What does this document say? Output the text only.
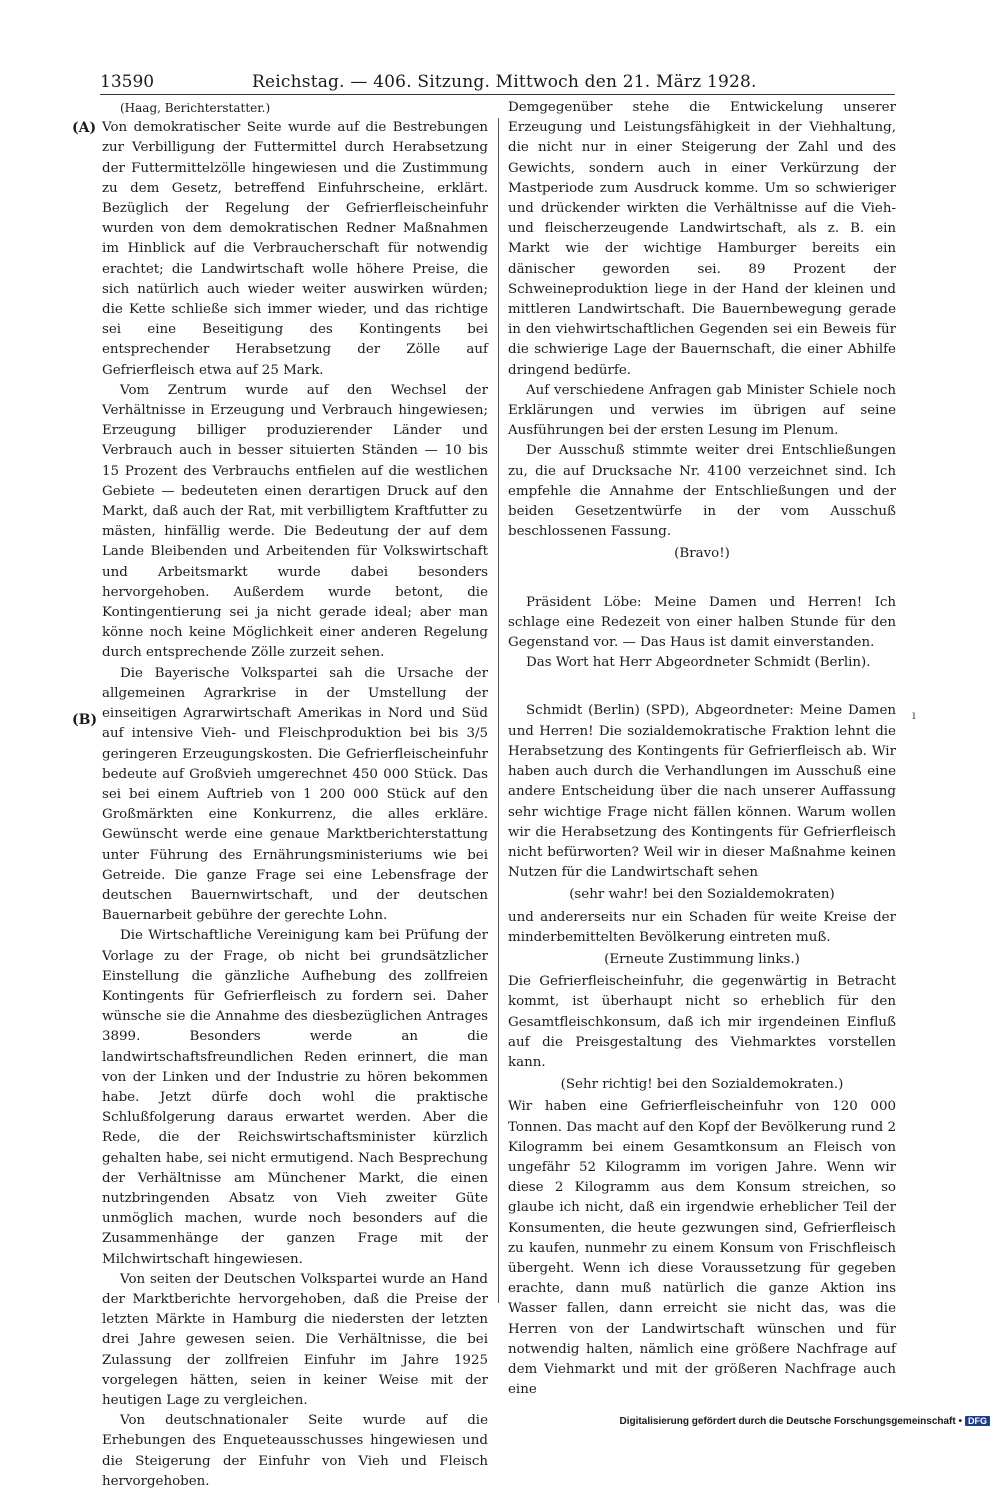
13590	Reichstag. — 406. Sitzung. Mittwoch den 21. März 1928.
(A)
(B)	ı

(Haag, Berichterstatter.)

Von demokratischer Seite wurde auf die Bestrebungen zur Verbilligung der Futtermittel durch Herabsetzung der Futtermittelzölle hingewiesen und die Zustimmung zu dem Gesetz, betreffend Einfuhrscheine, erklärt. Bezüglich der Regelung der Gefrierfleischeinfuhr wurden von dem demokratischen Redner Maßnahmen im Hinblick auf die Verbraucherschaft für notwendig erachtet; die Landwirtschaft wolle höhere Preise, die sich natürlich auch wieder weiter auswirken würden; die Kette schließe sich immer wieder, und das richtige sei eine Beseitigung des Kontingents bei entsprechender Herabsetzung der Zölle auf Gefrierfleisch etwa auf 25 Mark.

Vom Zentrum wurde auf den Wechsel der Verhältnisse in Erzeugung und Verbrauch hingewiesen; Erzeugung billiger produzierender Länder und Verbrauch auch in besser situierten Ständen — 10 bis 15 Prozent des Verbrauchs entfielen auf die westlichen Gebiete — bedeuteten einen derartigen Druck auf den Markt, daß auch der Rat, mit verbilligtem Kraftfutter zu mästen, hinfällig werde. Die Bedeutung der auf dem Lande Bleibenden und Arbeitenden für Volkswirtschaft und Arbeitsmarkt wurde dabei besonders hervorgehoben. Außerdem wurde betont, die Kontingentierung sei ja nicht gerade ideal; aber man könne noch keine Möglichkeit einer anderen Regelung durch entsprechende Zölle zurzeit sehen.

Die Bayerische Volkspartei sah die Ursache der allgemeinen Agrarkrise in der Umstellung der einseitigen Agrarwirtschaft Amerikas in Nord und Süd auf intensive Vieh- und Fleischproduktion bei bis 3/5 geringeren Erzeugungskosten. Die Gefrierfleischeinfuhr bedeute auf Großvieh umgerechnet 450 000 Stück. Das sei bei einem Auftrieb von 1 200 000 Stück auf den Großmärkten eine Konkurrenz, die alles erkläre. Gewünscht werde eine genaue Marktberichterstattung unter Führung des Ernährungsministeriums wie bei Getreide. Die ganze Frage sei eine Lebensfrage der deutschen Bauernwirtschaft, und der deutschen Bauernarbeit gebühre der gerechte Lohn.

Die Wirtschaftliche Vereinigung kam bei Prüfung der Vorlage zu der Frage, ob nicht bei grundsätzlicher Einstellung die gänzliche Aufhebung des zollfreien Kontingents für Gefrierfleisch zu fordern sei. Daher wünsche sie die Annahme des diesbezüglichen Antrages 3899. Besonders werde an die landwirtschaftsfreundlichen Reden erinnert, die man von der Linken und der Industrie zu hören bekommen habe. Jetzt dürfe doch wohl die praktische Schlußfolgerung daraus erwartet werden. Aber die Rede, die der Reichswirtschaftsminister kürzlich gehalten habe, sei nicht ermutigend. Nach Besprechung der Verhältnisse am Münchener Markt, die einen nutzbringenden Absatz von Vieh zweiter Güte unmöglich machen, wurde noch besonders auf die Zusammenhänge der ganzen Frage mit der Milchwirtschaft hingewiesen.

Von seiten der Deutschen Volkspartei wurde an Hand der Marktberichte hervorgehoben, daß die Preise der letzten Märkte in Hamburg die niedersten der letzten drei Jahre gewesen seien. Die Verhältnisse, die bei Zulassung der zollfreien Einfuhr im Jahre 1925 vorgelegen hätten, seien in keiner Weise mit der heutigen Lage zu vergleichen.

Von deutschnationaler Seite wurde auf die Erhebungen des Enqueteausschusses hingewiesen und die Steigerung der Einfuhr von Vieh und Fleisch hervorgehoben.

Demgegenüber stehe die Entwickelung unserer Erzeugung und Leistungsfähigkeit in der Viehhaltung, die nicht nur in einer Steigerung der Zahl und des Gewichts, sondern auch in einer Verkürzung der Mastperiode zum Ausdruck komme. Um so schwieriger und drückender wirkten die Verhältnisse auf die Vieh- und fleischerzeugende Landwirtschaft, als z. B. ein Markt wie der wichtige Hamburger bereits ein dänischer geworden sei. 89 Prozent der Schweineproduktion liege in der Hand der kleinen und mittleren Landwirtschaft. Die Bauernbewegung gerade in den viehwirtschaftlichen Gegenden sei ein Beweis für die schwierige Lage der Bauernschaft, die einer Abhilfe dringend bedürfe.

Auf verschiedene Anfragen gab Minister Schiele noch Erklärungen und verwies im übrigen auf seine Ausführungen bei der ersten Lesung im Plenum.

Der Ausschuß stimmte weiter drei Entschließungen zu, die auf Drucksache Nr. 4100 verzeichnet sind. Ich empfehle die Annahme der Entschließungen und der beiden Gesetzentwürfe in der vom Ausschuß beschlossenen Fassung.

(Bravo!)

Präsident Löbe: Meine Damen und Herren! Ich schlage eine Redezeit von einer halben Stunde für den Gegenstand vor. — Das Haus ist damit einverstanden.

Das Wort hat Herr Abgeordneter Schmidt (Berlin).

Schmidt (Berlin) (SPD), Abgeordneter: Meine Damen und Herren! Die sozialdemokratische Fraktion lehnt die Herabsetzung des Kontingents für Gefrierfleisch ab. Wir haben auch durch die Verhandlungen im Ausschuß eine andere Entscheidung über die nach unserer Auffassung sehr wichtige Frage nicht fällen können. Warum wollen wir die Herabsetzung des Kontingents für Gefrierfleisch nicht befürworten? Weil wir in dieser Maßnahme keinen Nutzen für die Landwirtschaft sehen

(sehr wahr! bei den Sozialdemokraten)

und andererseits nur ein Schaden für weite Kreise der minderbemittelten Bevölkerung eintreten muß.

(Erneute Zustimmung links.)

Die Gefrierfleischeinfuhr, die gegenwärtig in Betracht kommt, ist überhaupt nicht so erheblich für den Gesamtfleischkonsum, daß ich mir irgendeinen Einfluß auf die Preisgestaltung des Viehmarktes vorstellen kann.

(Sehr richtig! bei den Sozialdemokraten.)

Wir haben eine Gefrierfleischeinfuhr von 120 000 Tonnen. Das macht auf den Kopf der Bevölkerung rund 2 Kilogramm bei einem Gesamtkonsum an Fleisch von ungefähr 52 Kilogramm im vorigen Jahre. Wenn wir diese 2 Kilogramm aus dem Konsum streichen, so glaube ich nicht, daß ein irgendwie erheblicher Teil der Konsumenten, die heute gezwungen sind, Gefrierfleisch zu kaufen, nunmehr zu einem Konsum von Frischfleisch übergeht. Wenn ich diese Voraussetzung für gegeben erachte, dann muß natürlich die ganze Aktion ins Wasser fallen, dann erreicht sie nicht das, was die Herren von der Landwirtschaft wünschen und für notwendig halten, nämlich eine größere Nachfrage auf dem Viehmarkt und mit der größeren Nachfrage auch eine

Digitalisierung gefördert durch die Deutsche Forschungsgemeinschaft • DFG
